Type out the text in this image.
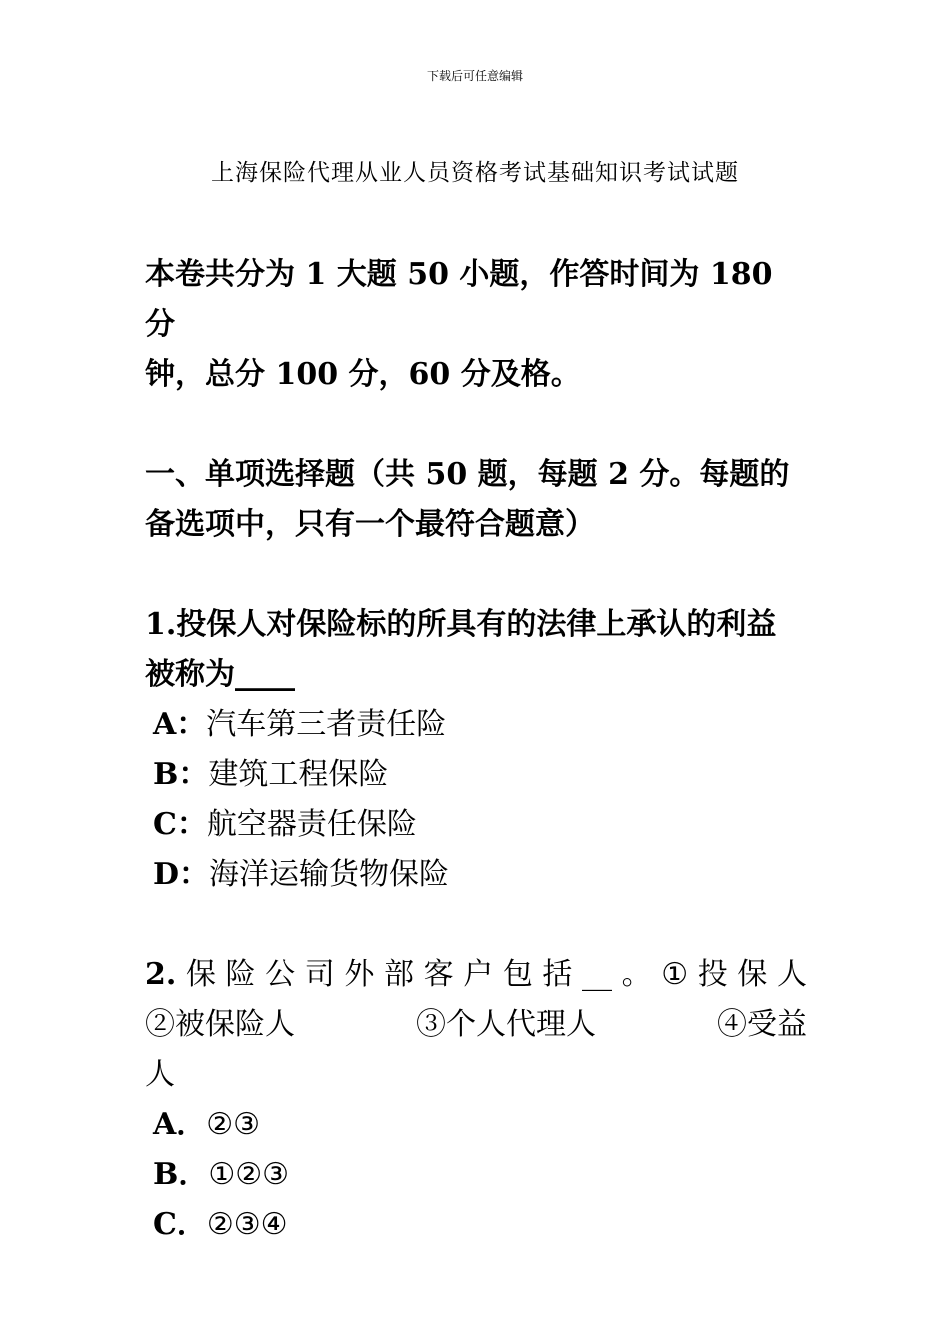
下载后可任意编辑
上海保险代理从业人员资格考试基础知识考试试题
本卷共分为 1 大题 50 小题，作答时间为 180 分
钟，总分 100 分，60 分及格。
一、单项选择题（共 50 题，每题 2 分。每题的
备选项中，只有一个最符合题意）
1.投保人对保险标的所具有的法律上承认的利益
被称为____
A：汽车第三者责任险
B：建筑工程保险
C：航空器责任保险
D：海洋运输货物保险
2. 保 险 公 司 外 部 客 户 包 括 __ 。 ① 投 保 人
②被保险人	③个人代理人	④受益
人
A．②③
B．①②③
C．②③④
